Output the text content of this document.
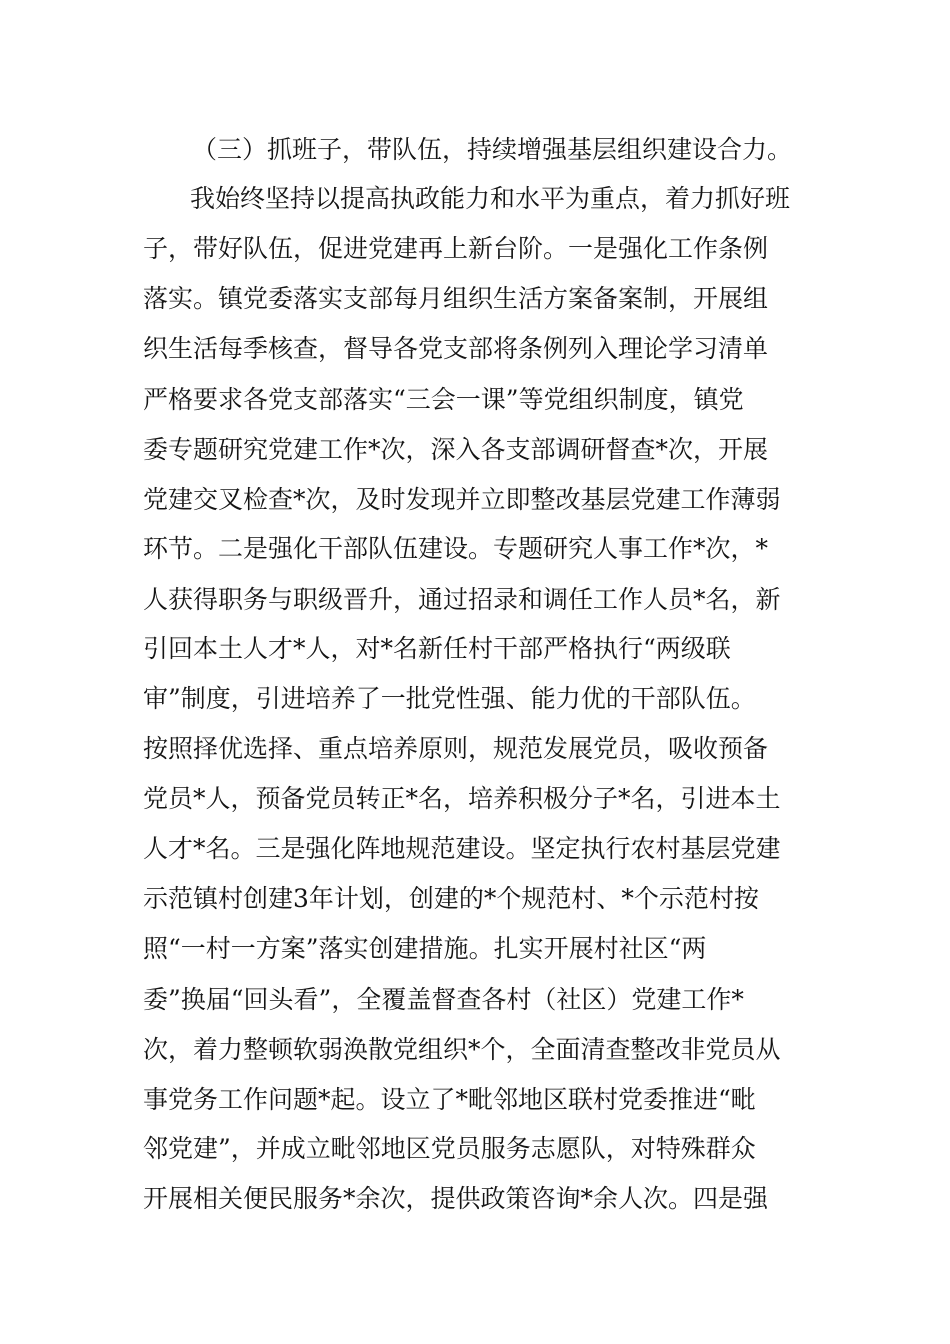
（三）抓班子，带队伍，持续增强基层组织建设合力。
我始终坚持以提高执政能力和水平为重点，着力抓好班
子，带好队伍，促进党建再上新台阶。一是强化工作条例
落实。镇党委落实支部每月组织生活方案备案制，开展组
织生活每季核查，督导各党支部将条例列入理论学习清单
严格要求各党支部落实“三会一课”等党组织制度，镇党
委专题研究党建工作*次，深入各支部调研督查*次，开展
党建交叉检查*次，及时发现并立即整改基层党建工作薄弱
环节。二是强化干部队伍建设。专题研究人事工作*次，*
人获得职务与职级晋升，通过招录和调任工作人员*名，新
引回本土人才*人，对*名新任村干部严格执行“两级联
审”制度，引进培养了一批党性强、能力优的干部队伍。
按照择优选择、重点培养原则，规范发展党员，吸收预备
党员*人，预备党员转正*名，培养积极分子*名，引进本土
人才*名。三是强化阵地规范建设。坚定执行农村基层党建
示范镇村创建3年计划，创建的*个规范村、*个示范村按
照“一村一方案”落实创建措施。扎实开展村社区“两
委”换届“回头看”，全覆盖督查各村（社区）党建工作*
次，着力整顿软弱涣散党组织*个，全面清查整改非党员从
事党务工作问题*起。设立了*毗邻地区联村党委推进“毗
邻党建”，并成立毗邻地区党员服务志愿队，对特殊群众
开展相关便民服务*余次，提供政策咨询*余人次。四是强
